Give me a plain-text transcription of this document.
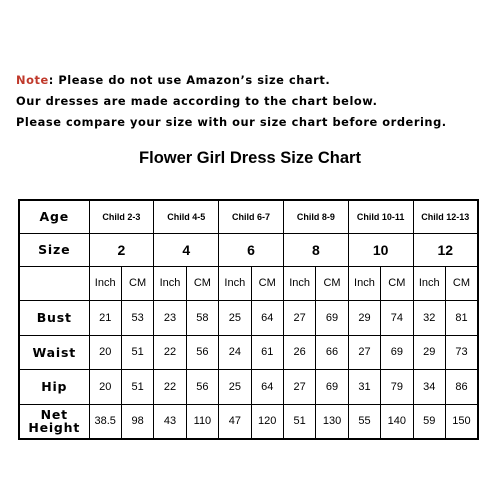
Note: Please do not use Amazon’s size chart.
Our dresses are made according to the chart below.
Please compare your size with our size chart before ordering.
Flower Girl Dress Size Chart
Age	Child 2-3		Child 4-5		Child 6-7		Child 8-9		Child 10-11		Child 12-13	
Size	2		4		6		8		10		12	
	Inch	CM	Inch	CM	Inch	CM	Inch	CM	Inch	CM	Inch	CM
Bust	21	53	23	58	25	64	27	69	29	74	32	81
Waist	20	51	22	56	24	61	26	66	27	69	29	73
Hip	20	51	22	56	25	64	27	69	31	79	34	86

Net
Height	38.5	98	43	110	47	120	51	130	55	140	59	150
